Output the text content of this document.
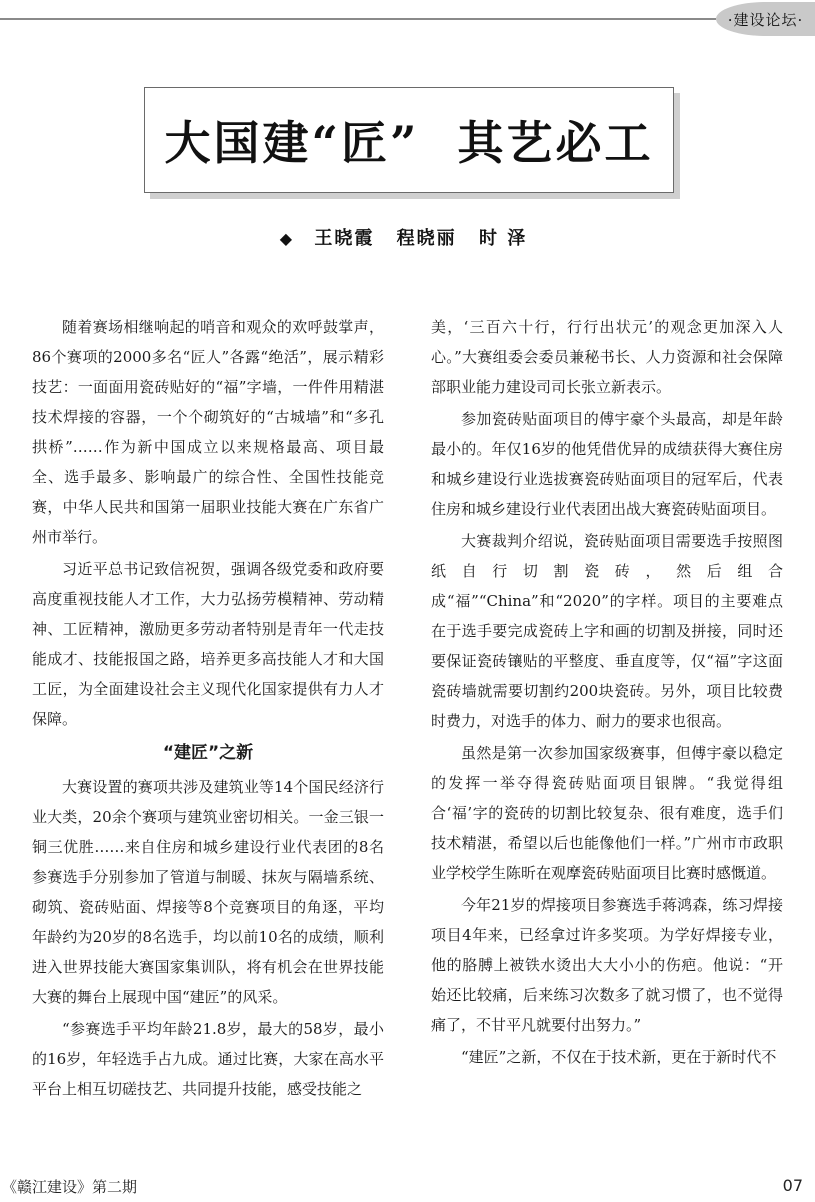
·建设论坛·
大国建“匠”  其艺必工
◆ 王晓霞 程晓丽 时 泽

随着赛场相继响起的哨音和观众的欢呼鼓掌声，86个赛项的2000多名“匠人”各露“绝活”，展示精彩技艺：一面面用瓷砖贴好的“福”字墙，一件件用精湛技术焊接的容器，一个个砌筑好的“古城墙”和“多孔拱桥”……作为新中国成立以来规格最高、项目最全、选手最多、影响最广的综合性、全国性技能竞赛，中华人民共和国第一届职业技能大赛在广东省广州市举行。

习近平总书记致信祝贺，强调各级党委和政府要高度重视技能人才工作，大力弘扬劳模精神、劳动精神、工匠精神，激励更多劳动者特别是青年一代走技能成才、技能报国之路，培养更多高技能人才和大国工匠，为全面建设社会主义现代化国家提供有力人才保障。

“建匠”之新

大赛设置的赛项共涉及建筑业等14个国民经济行业大类，20余个赛项与建筑业密切相关。一金三银一铜三优胜……来自住房和城乡建设行业代表团的8名参赛选手分别参加了管道与制暖、抹灰与隔墙系统、砌筑、瓷砖贴面、焊接等8个竞赛项目的角逐，平均年龄约为20岁的8名选手，均以前10名的成绩，顺利进入世界技能大赛国家集训队，将有机会在世界技能大赛的舞台上展现中国“建匠”的风采。

“参赛选手平均年龄21.8岁，最大的58岁，最小的16岁，年轻选手占九成。通过比赛，大家在高水平平台上相互切磋技艺、共同提升技能，感受技能之

美，‘三百六十行，行行出状元’的观念更加深入人心。”大赛组委会委员兼秘书长、人力资源和社会保障部职业能力建设司司长张立新表示。

参加瓷砖贴面项目的傅宇豪个头最高，却是年龄最小的。年仅16岁的他凭借优异的成绩获得大赛住房和城乡建设行业选拔赛瓷砖贴面项目的冠军后，代表住房和城乡建设行业代表团出战大赛瓷砖贴面项目。

大赛裁判介绍说，瓷砖贴面项目需要选手按照图纸自行切割瓷砖，然后组合成“福”“China”和“2020”的字样。项目的主要难点在于选手要完成瓷砖上字和画的切割及拼接，同时还要保证瓷砖镶贴的平整度、垂直度等，仅“福”字这面瓷砖墙就需要切割约200块瓷砖。另外，项目比较费时费力，对选手的体力、耐力的要求也很高。

虽然是第一次参加国家级赛事，但傅宇豪以稳定的发挥一举夺得瓷砖贴面项目银牌。“我觉得组合‘福’字的瓷砖的切割比较复杂、很有难度，选手们技术精湛，希望以后也能像他们一样。”广州市市政职业学校学生陈昕在观摩瓷砖贴面项目比赛时感慨道。

今年21岁的焊接项目参赛选手蒋鸿森，练习焊接项目4年来，已经拿过许多奖项。为学好焊接专业，他的胳膊上被铁水烫出大大小小的伤疤。他说：“开始还比较痛，后来练习次数多了就习惯了，也不觉得痛了，不甘平凡就要付出努力。”

“建匠”之新，不仅在于技术新，更在于新时代不

《赣江建设》第二期	07
